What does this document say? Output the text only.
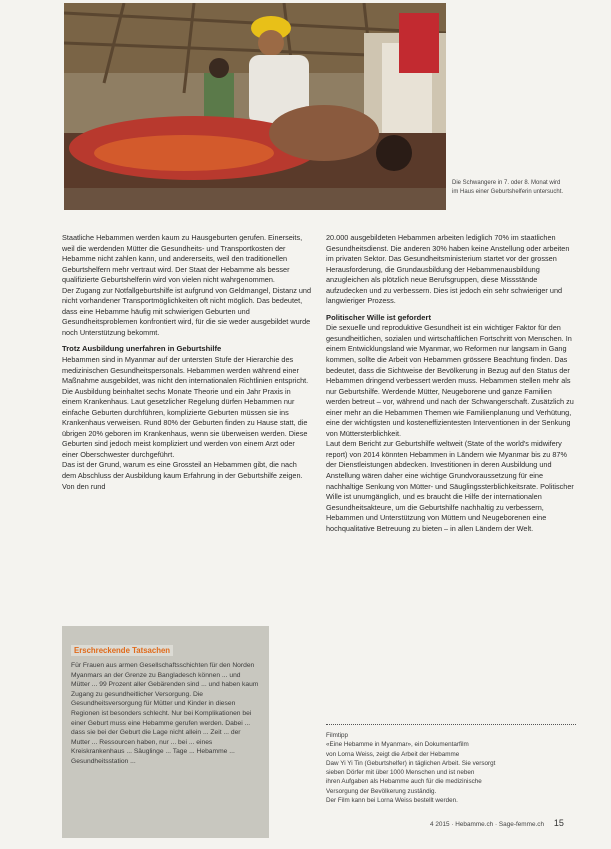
Die Schwangere in 7. oder 8. Monat wird
im Haus einer Geburtshelferin untersucht.

Staatliche Hebammen werden kaum zu Hausgeburten gerufen. Einerseits, weil die werdenden Mütter die Gesundheits- und Transportkosten der Hebamme nicht zahlen kann, und andererseits, weil den traditionellen Geburtshelfern mehr vertraut wird. Der Staat der Hebamme als besser qualifizierte Geburtshelferin wird von vielen nicht wahrgenommen.

Der Zugang zur Notfallgeburtshilfe ist aufgrund von Geldmangel, Distanz und nicht vorhandener Transportmöglichkeiten oft nicht möglich. Das bedeutet, dass eine Hebamme häufig mit schwierigen Geburten und Gesundheitsproblemen konfrontiert wird, für die sie weder ausgebildet wurde noch Unterstützung bekommt.

Trotz Ausbildung unerfahren in Geburtshilfe

Hebammen sind in Myanmar auf der untersten Stufe der Hierarchie des medizinischen Gesundheitspersonals. Hebammen werden während einer Maßnahme ausgebildet, was nicht den internationalen Richtlinien entspricht. Die Ausbildung beinhaltet sechs Monate Theorie und ein Jahr Praxis in einem Krankenhaus. Laut gesetzlicher Regelung dürfen Hebammen nur einfache Geburten durchführen, komplizierte Geburten müssen sie ins Krankenhaus verweisen. Rund 80% der Geburten finden zu Hause statt, die übrigen 20% geboren im Krankenhaus, wenn sie überweisen werden. Diese Geburten sind jedoch meist kompliziert und werden von einem Arzt oder einer Oberschwester durchgeführt.

Das ist der Grund, warum es eine Grossteil an Hebammen gibt, die nach dem Abschluss der Ausbildung kaum Erfahrung in der Geburtshilfe zeigen. Von den rund

Erschreckende Tatsachen

Für Frauen aus armen Gesellschaftsschichten für den Norden Myanmars an der Grenze zu Bangladesch können ... und Mütter ... 99 Prozent aller Gebärenden sind ... und haben kaum Zugang zu gesundheitlicher Versorgung. Die Gesundheitsversorgung für Mütter und Kinder in diesen Regionen ist besonders schlecht. Nur bei Komplikationen bei einer Geburt muss eine Hebamme gerufen werden. Dabei ... dass sie bei der Geburt die Lage nicht allein ... Zeit ... der Mutter ... Ressourcen haben, nur ... bei ... eines Kreiskrankenhaus ... Säuglinge ... Tage ... Hebamme ... Gesundheitsstation ...

20.000 ausgebildeten Hebammen arbeiten lediglich 70% im staatlichen Gesundheitsdienst. Die anderen 30% haben keine Anstellung oder arbeiten im privaten Sektor. Das Gesundheitsministerium startet vor der grossen Herausforderung, die Grundausbildung der Hebammenausbildung anzugleichen als plötzlich neue Berufsgruppen, diese Missstände aufzudecken und zu verbessern. Dies ist jedoch ein sehr schwieriger und langwieriger Prozess.

Politischer Wille ist gefordert

Die sexuelle und reproduktive Gesundheit ist ein wichtiger Faktor für den gesundheitlichen, sozialen und wirtschaftlichen Fortschritt von Menschen. In einem Entwicklungsland wie Myanmar, wo Reformen nur langsam in Gang kommen, sollte die Arbeit von Hebammen grössere Beachtung finden. Das bedeutet, dass die Sichtweise der Bevölkerung in Bezug auf den Status der Hebammen dringend verbessert werden muss. Hebammen stellen mehr als nur Geburtshilfe. Werdende Mütter, Neugeborene und ganze Familien werden betreut – vor, während und nach der Schwangerschaft. Zusätzlich zu einer mehr an die Hebammen Themen wie Familienplanung und Verhütung, eine der wichtigsten und kosteneffizientesten Interventionen in der Senkung von Müttersterblichkeit.

Laut dem Bericht zur Geburtshilfe weltweit (State of the world's midwifery report) von 2014 könnten Hebammen in Ländern wie Myanmar bis zu 87% der Dienstleistungen abdecken. Investitionen in deren Ausbildung und Anstellung wären daher eine wichtige Grundvoraussetzung für eine nachhaltige Senkung von Mütter- und Säuglingssterblichkeitsrate. Politischer Wille ist unumgänglich, und es braucht die Hilfe der internationalen Gesundheitsakteure, um die Geburtshilfe nachhaltig zu verbessern, Hebammen und Unterstützung von Müttern und Neugeborenen eine hochqualitative Betreuung zu bieten – in allen Ländern der Welt.

Filmtipp

«Eine Hebamme in Myanmar», ein Dokumentarfilm

von Lorna Weiss, zeigt die Arbeit der Hebamme

Daw Yi Yi Tin (Geburtshelfer) in täglichen Arbeit. Sie versorgt

sieben Dörfer mit über 1000 Menschen und ist neben

ihren Aufgaben als Hebamme auch für die medizinische

Versorgung der Bevölkerung zuständig.

Der Film kann bei Lorna Weiss bestellt werden.

4 2015 · Hebamme.ch · Sage-femme.ch 15
